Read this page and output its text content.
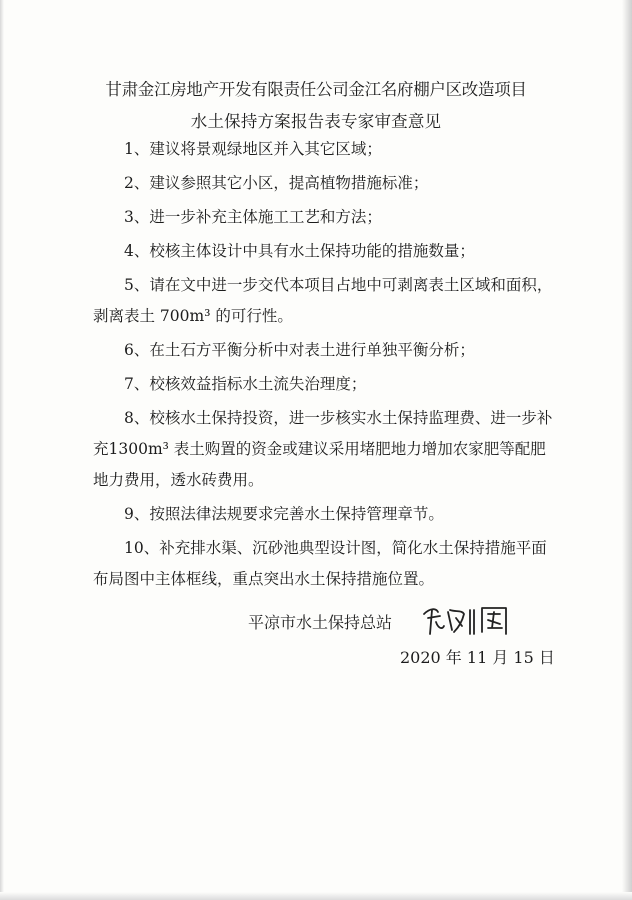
甘肃金江房地产开发有限责任公司金江名府棚户区改造项目
水土保持方案报告表专家审查意见

1、建议将景观绿地区并入其它区域；

2、建议参照其它小区，提高植物措施标准；

3、进一步补充主体施工工艺和方法；

4、校核主体设计中具有水土保持功能的措施数量；

5、请在文中进一步交代本项目占地中可剥离表土区域和面积，剥离表土 700m³ 的可行性。

6、在土石方平衡分析中对表土进行单独平衡分析；

7、校核效益指标水土流失治理度；

8、校核水土保持投资，进一步核实水土保持监理费、进一步补充1300m³ 表土购置的资金或建议采用堵肥地力增加农家肥等配肥地力费用，透水砖费用。

9、按照法律法规要求完善水土保持管理章节。

10、补充排水渠、沉砂池典型设计图，简化水土保持措施平面布局图中主体框线，重点突出水土保持措施位置。

平凉市水土保持总站
2020 年 11 月 15 日
